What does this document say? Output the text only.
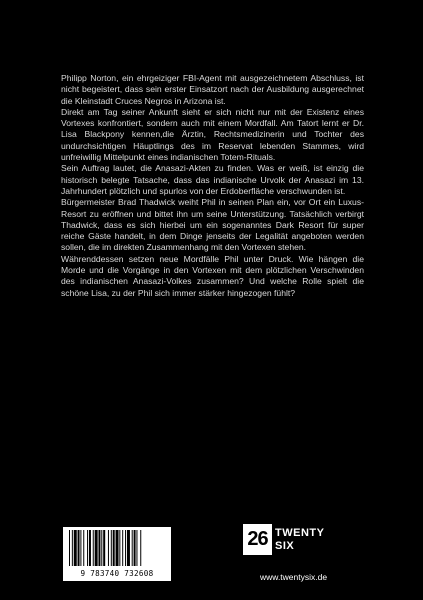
Philipp Norton, ein ehrgeiziger FBI-Agent mit ausgezeichnetem Abschluss, ist nicht begeistert, dass sein erster Einsatzort nach der Ausbildung ausgerechnet die Kleinstadt Cruces Negros in Arizona ist.

Direkt am Tag seiner Ankunft sieht er sich nicht nur mit der Existenz eines Vortexes konfrontiert, sondern auch mit einem Mordfall. Am Tatort lernt er Dr. Lisa Blackpony kennen,die Ärztin, Rechtsmedizinerin und Tochter des undurchsichtigen Häuptlings des im Reservat lebenden Stammes, wird unfreiwillig Mittelpunkt eines indianischen Totem-Rituals.

Sein Auftrag lautet, die Anasazi-Akten zu finden. Was er weiß, ist einzig die historisch belegte Tatsache, dass das indianische Urvolk der Anasazi im 13. Jahrhundert plötzlich und spurlos von der Erdoberfläche verschwunden ist.

Bürgermeister Brad Thadwick weiht Phil in seinen Plan ein, vor Ort ein Luxus-Resort zu eröffnen und bittet ihn um seine Unterstützung. Tatsächlich verbirgt Thadwick, dass es sich hierbei um ein sogenanntes Dark Resort für super reiche Gäste handelt, in dem Dinge jenseits der Legalität angeboten werden sollen, die im direkten Zusammenhang mit den Vortexen stehen.

Währenddessen setzen neue Mordfälle Phil unter Druck. Wie hängen die Morde und die Vorgänge in den Vortexen mit dem plötzlichen Verschwinden des indianischen Anasazi-Volkes zusammen? Und welche Rolle spielt die schöne Lisa, zu der Phil sich immer stärker hingezogen fühlt?

26 TWENTY
SIX
9 783740 732608	www.twentysix.de
